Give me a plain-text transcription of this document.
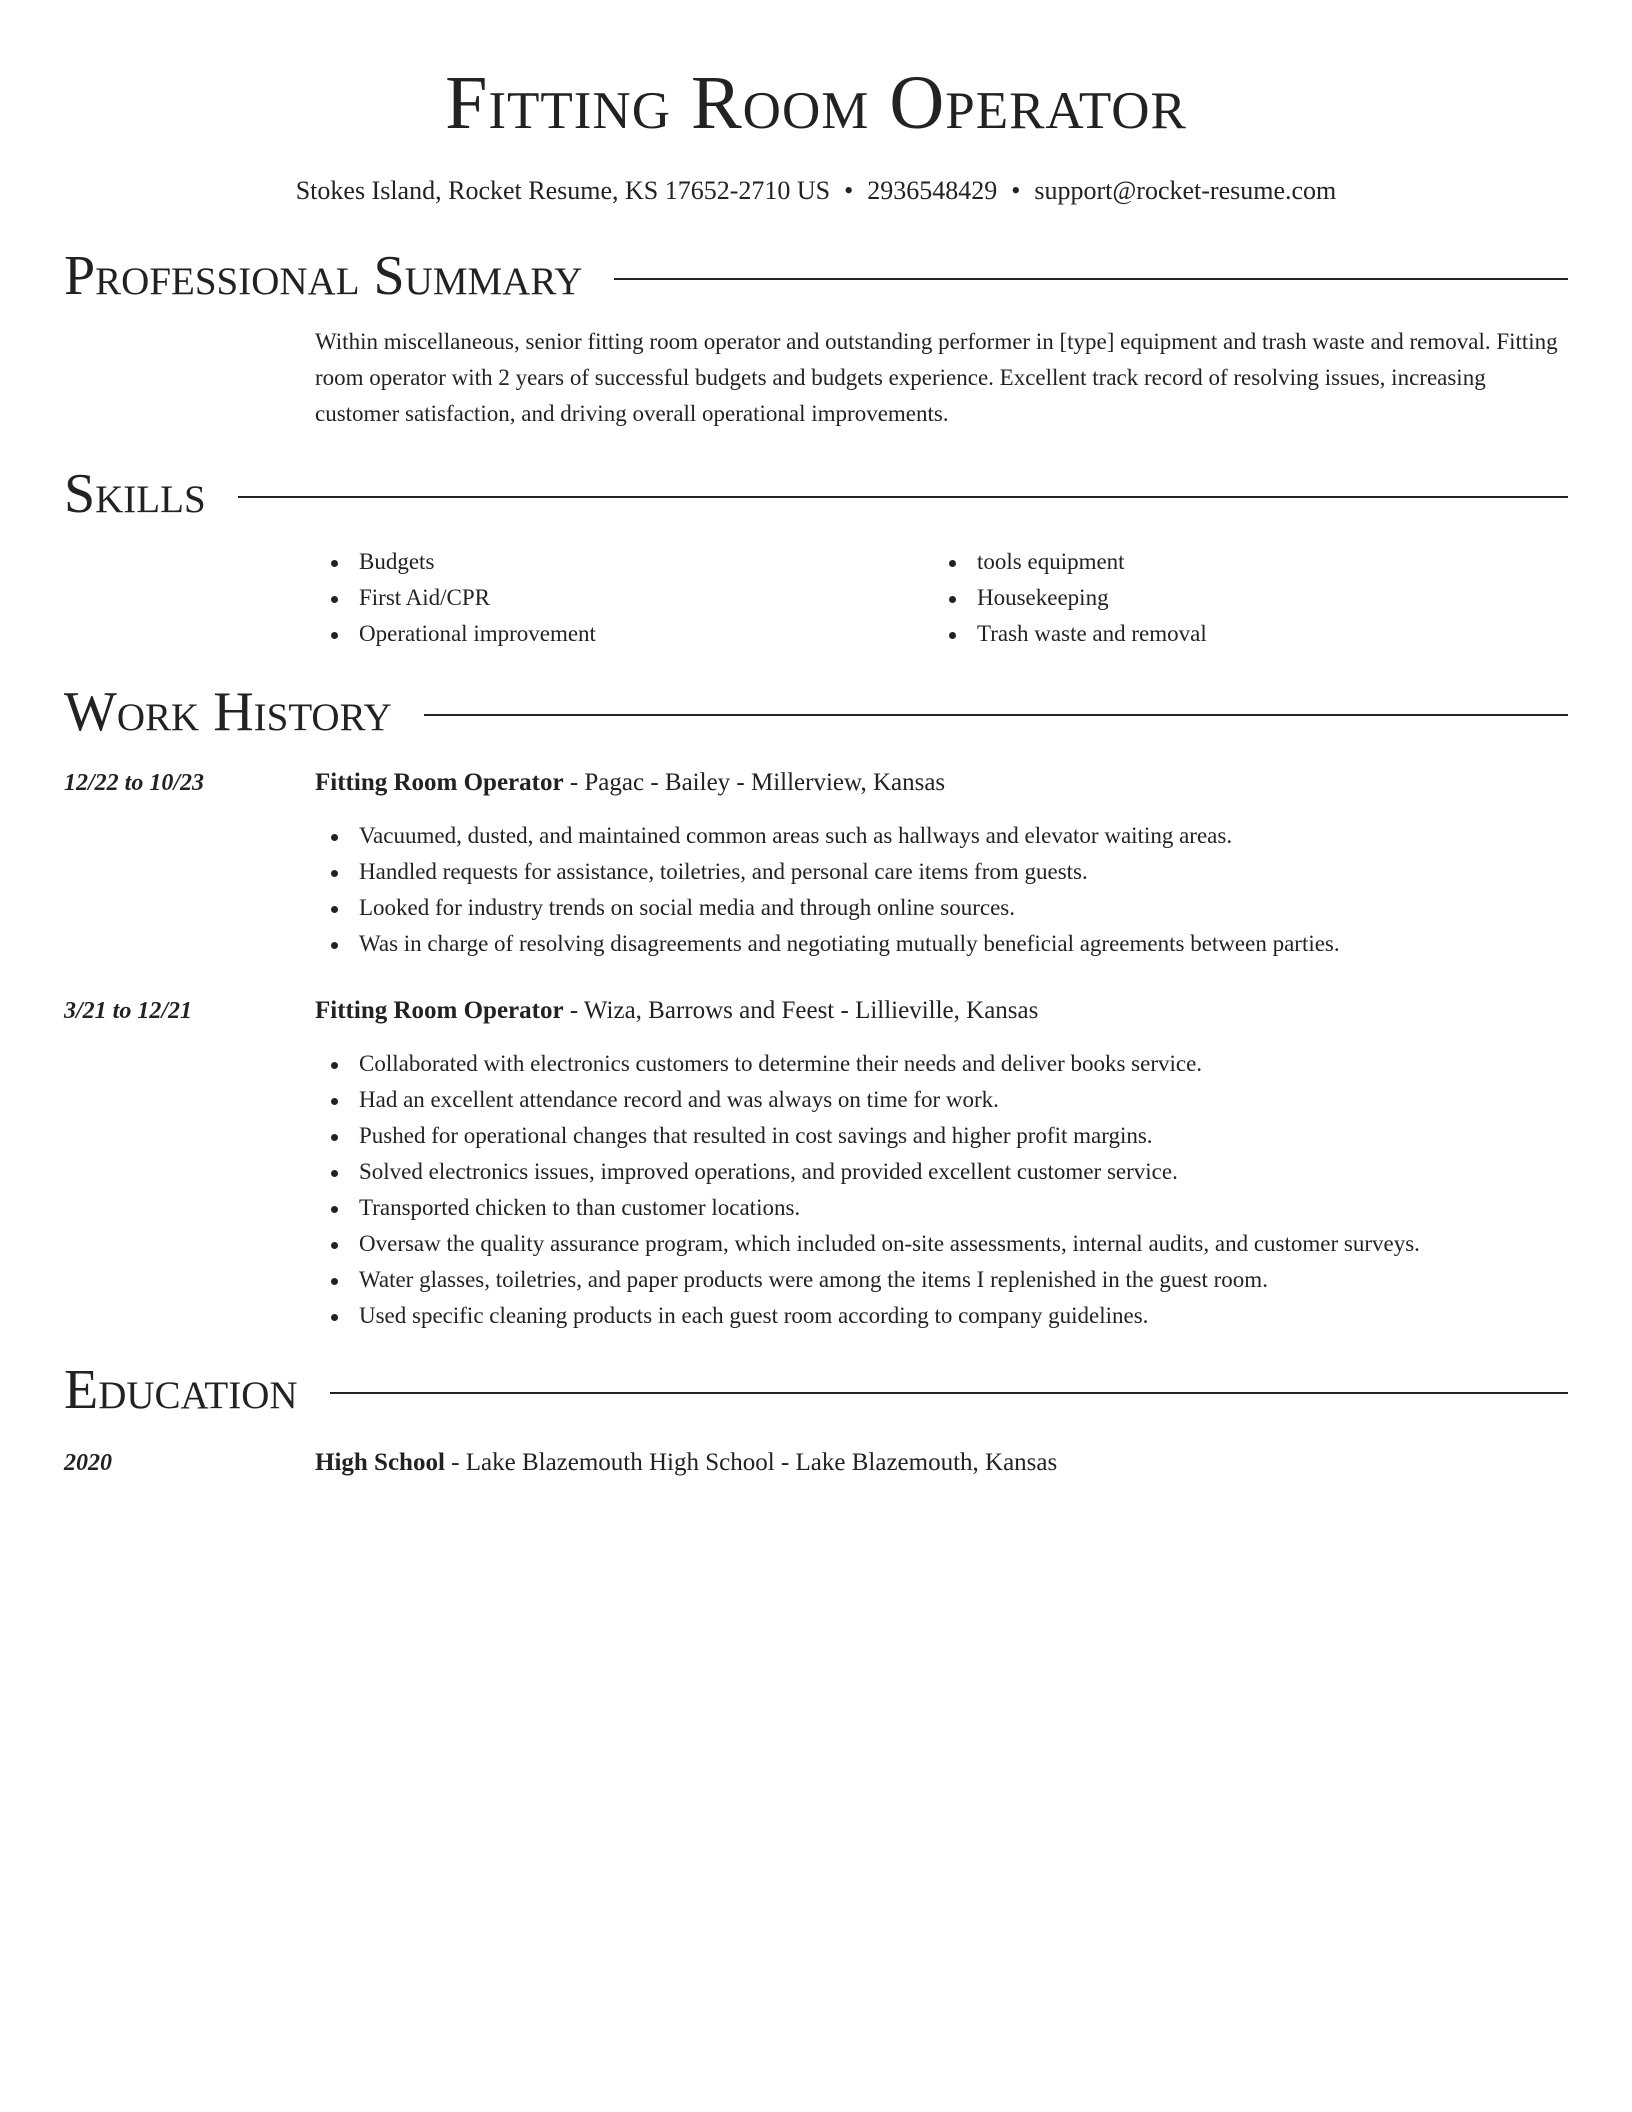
Fitting Room Operator
Stokes Island, Rocket Resume, KS 17652-2710 US • 2936548429 • support@rocket-resume.com
Professional Summary
Within miscellaneous, senior fitting room operator and outstanding performer in [type] equipment and trash waste and removal. Fitting room operator with 2 years of successful budgets and budgets experience. Excellent track record of resolving issues, increasing customer satisfaction, and driving overall operational improvements.
Skills
Budgets
First Aid/CPR
Operational improvement
tools equipment
Housekeeping
Trash waste and removal
Work History
12/22 to 10/23	Fitting Room Operator - Pagac - Bailey - Millerview, Kansas
Vacuumed, dusted, and maintained common areas such as hallways and elevator waiting areas.
Handled requests for assistance, toiletries, and personal care items from guests.
Looked for industry trends on social media and through online sources.
Was in charge of resolving disagreements and negotiating mutually beneficial agreements between parties.
3/21 to 12/21	Fitting Room Operator - Wiza, Barrows and Feest - Lillieville, Kansas
Collaborated with electronics customers to determine their needs and deliver books service.
Had an excellent attendance record and was always on time for work.
Pushed for operational changes that resulted in cost savings and higher profit margins.
Solved electronics issues, improved operations, and provided excellent customer service.
Transported chicken to than customer locations.
Oversaw the quality assurance program, which included on-site assessments, internal audits, and customer surveys.
Water glasses, toiletries, and paper products were among the items I replenished in the guest room.
Used specific cleaning products in each guest room according to company guidelines.
Education
2020	High School - Lake Blazemouth High School - Lake Blazemouth, Kansas
